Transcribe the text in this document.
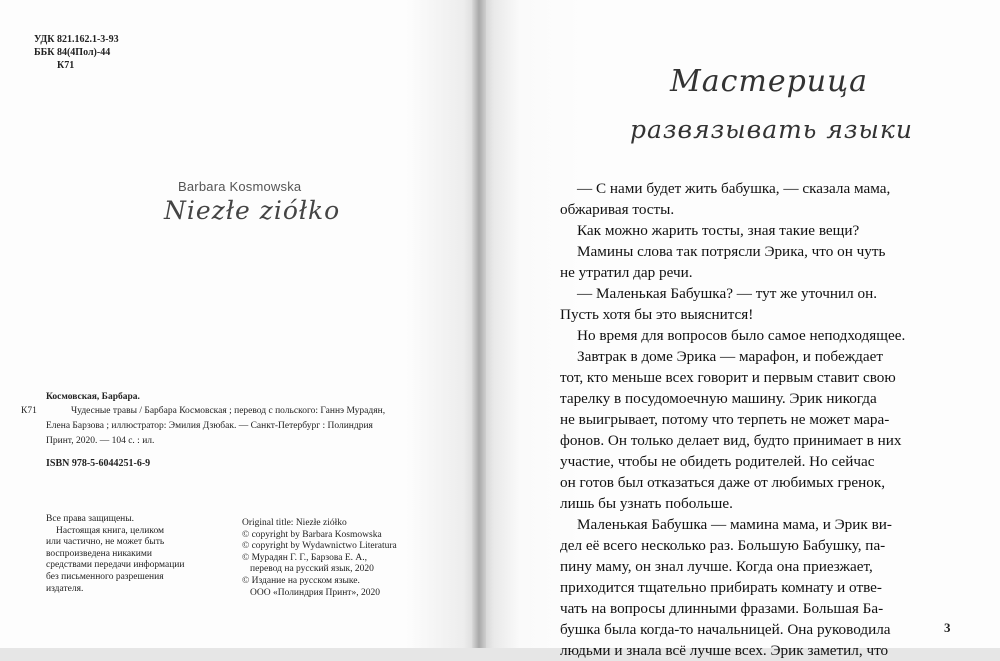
УДК 821.162.1-3-93
ББК 84(4Пол)-44
К71
Barbara Kosmowska
Niezłe ziółko
Космовская, Барбара.
К71	Чудесные травы / Барбара Космовская ; перевод с польского: Ганнэ Мурадян,
Елена Барзова ; иллюстратор: Эмилия Дзюбак. — Санкт-Петербург : Полиндрия
Принт, 2020. — 104 с. : ил.
ISBN 978-5-6044251-6-9
Все права защищены.
Настоящая книга, целиком
или частично, не может быть
воспроизведена никакими
средствами передачи информации
без письменного разрешения
издателя.
Original title: Niezłe ziółko
© copyright by Barbara Kosmowska
© copyright by Wydawnictwo Literatura
© Мурадян Г. Г., Барзова Е. А.,
перевод на русский язык, 2020
© Издание на русском языке.
ООО «Полиндрия Принт», 2020
Мастерица
развязывать языки
— С нами будет жить бабушка, — сказала мама,
обжаривая тосты.
Как можно жарить тосты, зная такие вещи?
Мамины слова так потрясли Эрика, что он чуть
не утратил дар речи.
— Маленькая Бабушка? — тут же уточнил он.
Пусть хотя бы это выяснится!
Но время для вопросов было самое неподходящее.
Завтрак в доме Эрика — марафон, и побеждает
тот, кто меньше всех говорит и первым ставит свою
тарелку в посудомоечную машину. Эрик никогда
не выигрывает, потому что терпеть не может мара-
фонов. Он только делает вид, будто принимает в них
участие, чтобы не обидеть родителей. Но сейчас
он готов был отказаться даже от любимых гренок,
лишь бы узнать побольше.
Маленькая Бабушка — мамина мама, и Эрик ви-
дел её всего несколько раз. Большую Бабушку, па-
пину маму, он знал лучше. Когда она приезжает,
приходится тщательно прибирать комнату и отве-
чать на вопросы длинными фразами. Большая Ба-
бушка была когда-то начальницей. Она руководила
людьми и знала всё лучше всех. Эрик заметил, что
3
